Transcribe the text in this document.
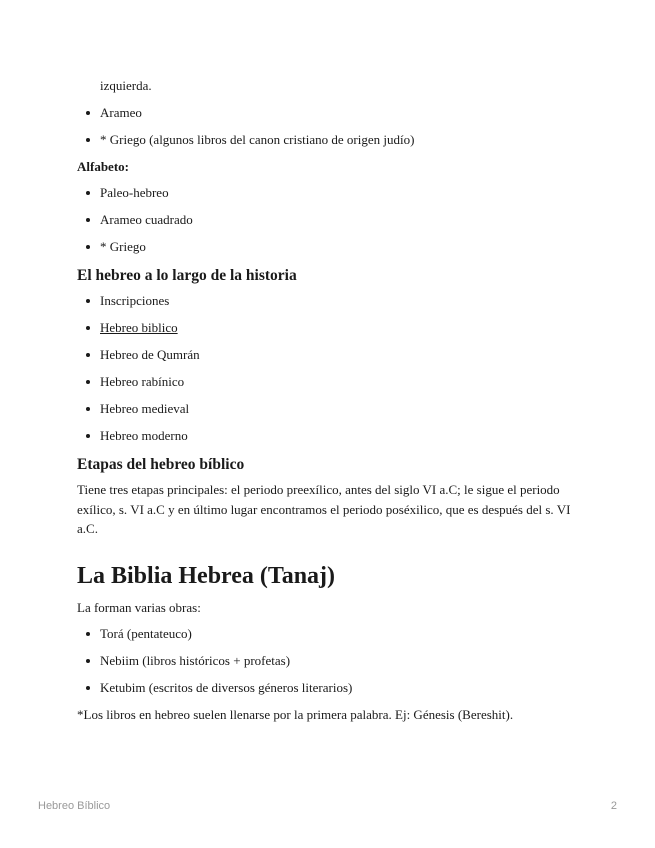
izquierda.

Arameo
* Griego (algunos libros del canon cristiano de origen judío)
Alfabeto:
Paleo-hebreo
Arameo cuadrado
* Griego
El hebreo a lo largo de la historia
Inscripciones
Hebreo biblico
Hebreo de Qumrán
Hebreo rabínico
Hebreo medieval
Hebreo moderno
Etapas del hebreo bíblico

Tiene tres etapas principales: el periodo preexílico, antes del siglo VI a.C; le sigue el periodo exílico, s. VI a.C y en último lugar encontramos el periodo poséxilico, que es después del s. VI a.C.

La Biblia Hebrea (Tanaj)

La forman varias obras:

Torá (pentateuco)
Nebiim (libros históricos + profetas)
Ketubim (escritos de diversos géneros literarios)

*Los libros en hebreo suelen llenarse por la primera palabra. Ej: Génesis (Bereshit).

Hebreo Bíblico	2
